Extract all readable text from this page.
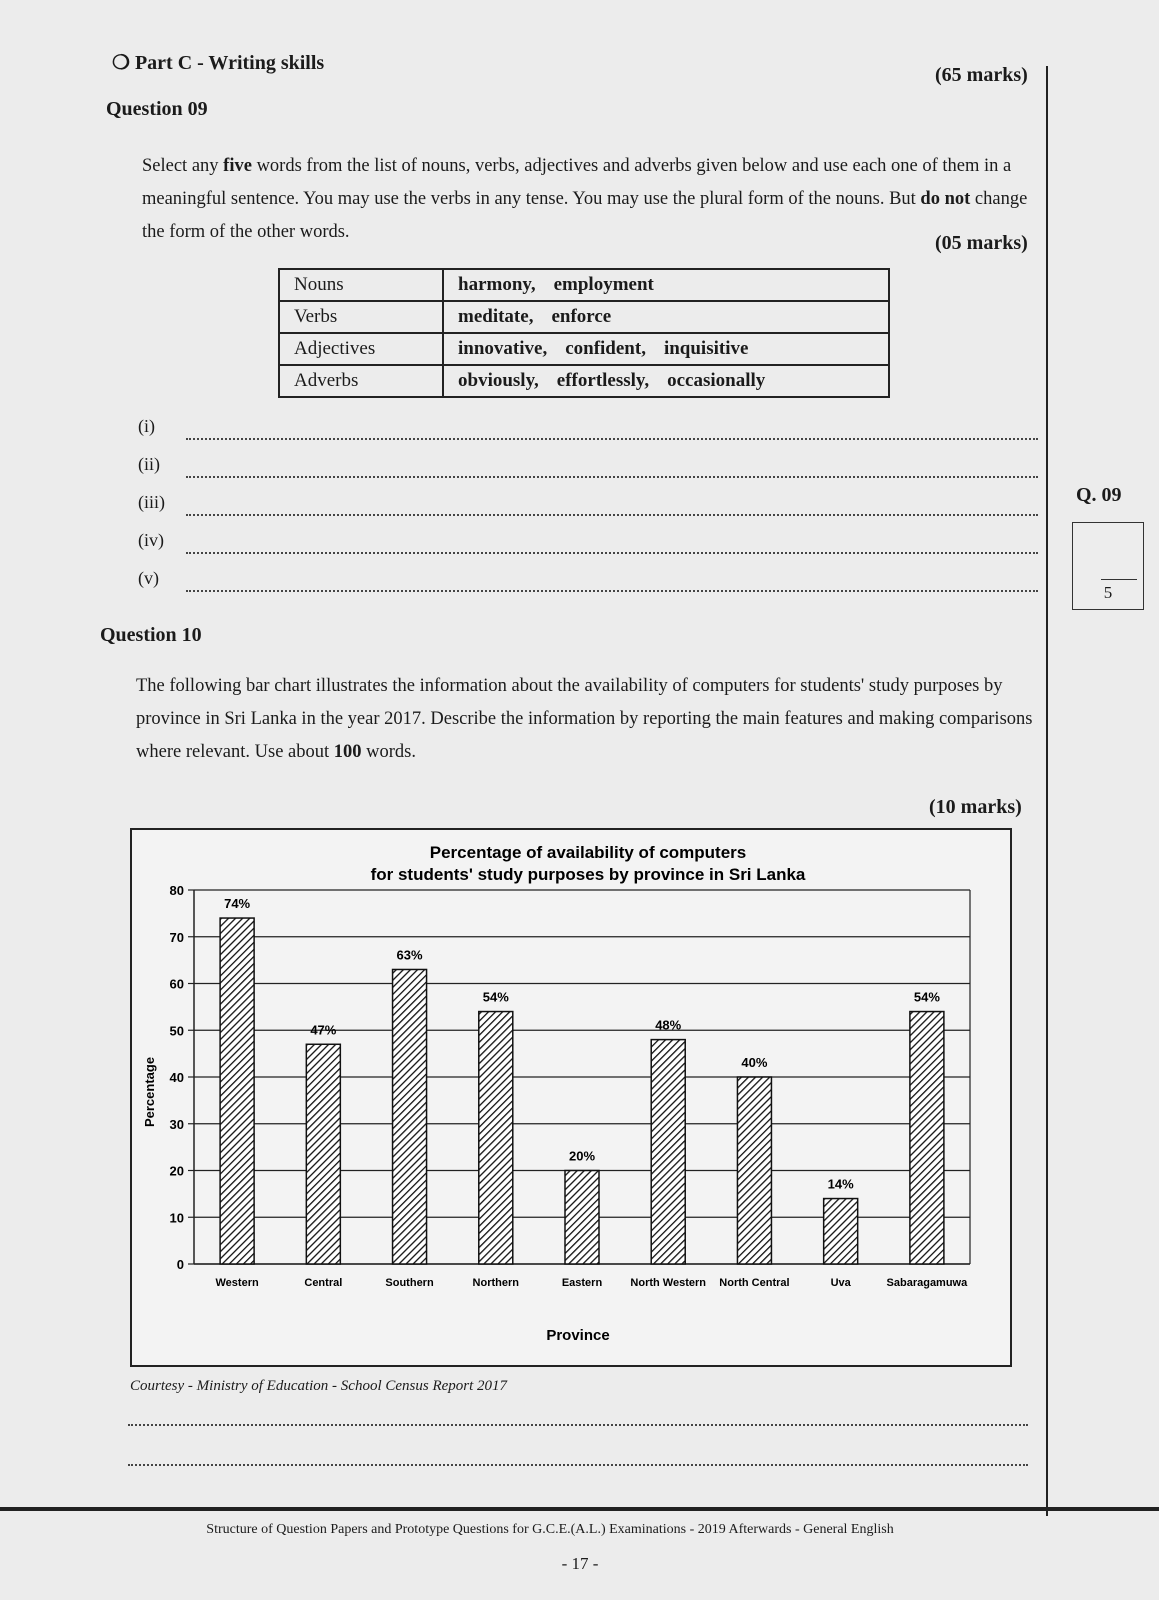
❍ Part C - Writing skills
(65 marks)
Question 09
Select any five words from the list of nouns, verbs, adjectives and adverbs given below and use each one of them in a meaningful sentence. You may use the verbs in any tense. You may use the plural form of the nouns. But do not change the form of the other words.	(05 marks)
Nouns	harmony, employment
Verbs	meditate, enforce
Adjectives	innovative, confident, inquisitive
Adverbs	obviously, effortlessly, occasionally
(i)
(ii)
(iii)
(iv)
(v)
Q. 09
5
Question 10
The following bar chart illustrates the information about the availability of computers for students' study purposes by province in Sri Lanka in the year 2017. Describe the information by reporting the main features and making comparisons where relevant. Use about 100 words.
(10 marks)
Percentage of availability of computers
for students' study purposes by province in Sri Lanka
Percentage
Province
0
10
20
30
40
50
60
70
80
74%
Western
47%
Central
63%
Southern
54%
Northern
20%
Eastern
48%
North Western
40%
North Central
14%
Uva
54%
Sabaragamuwa
Courtesy - Ministry of Education - School Census Report 2017
Structure of Question Papers and Prototype Questions for G.C.E.(A.L.) Examinations - 2019 Afterwards - General English
- 17 -
